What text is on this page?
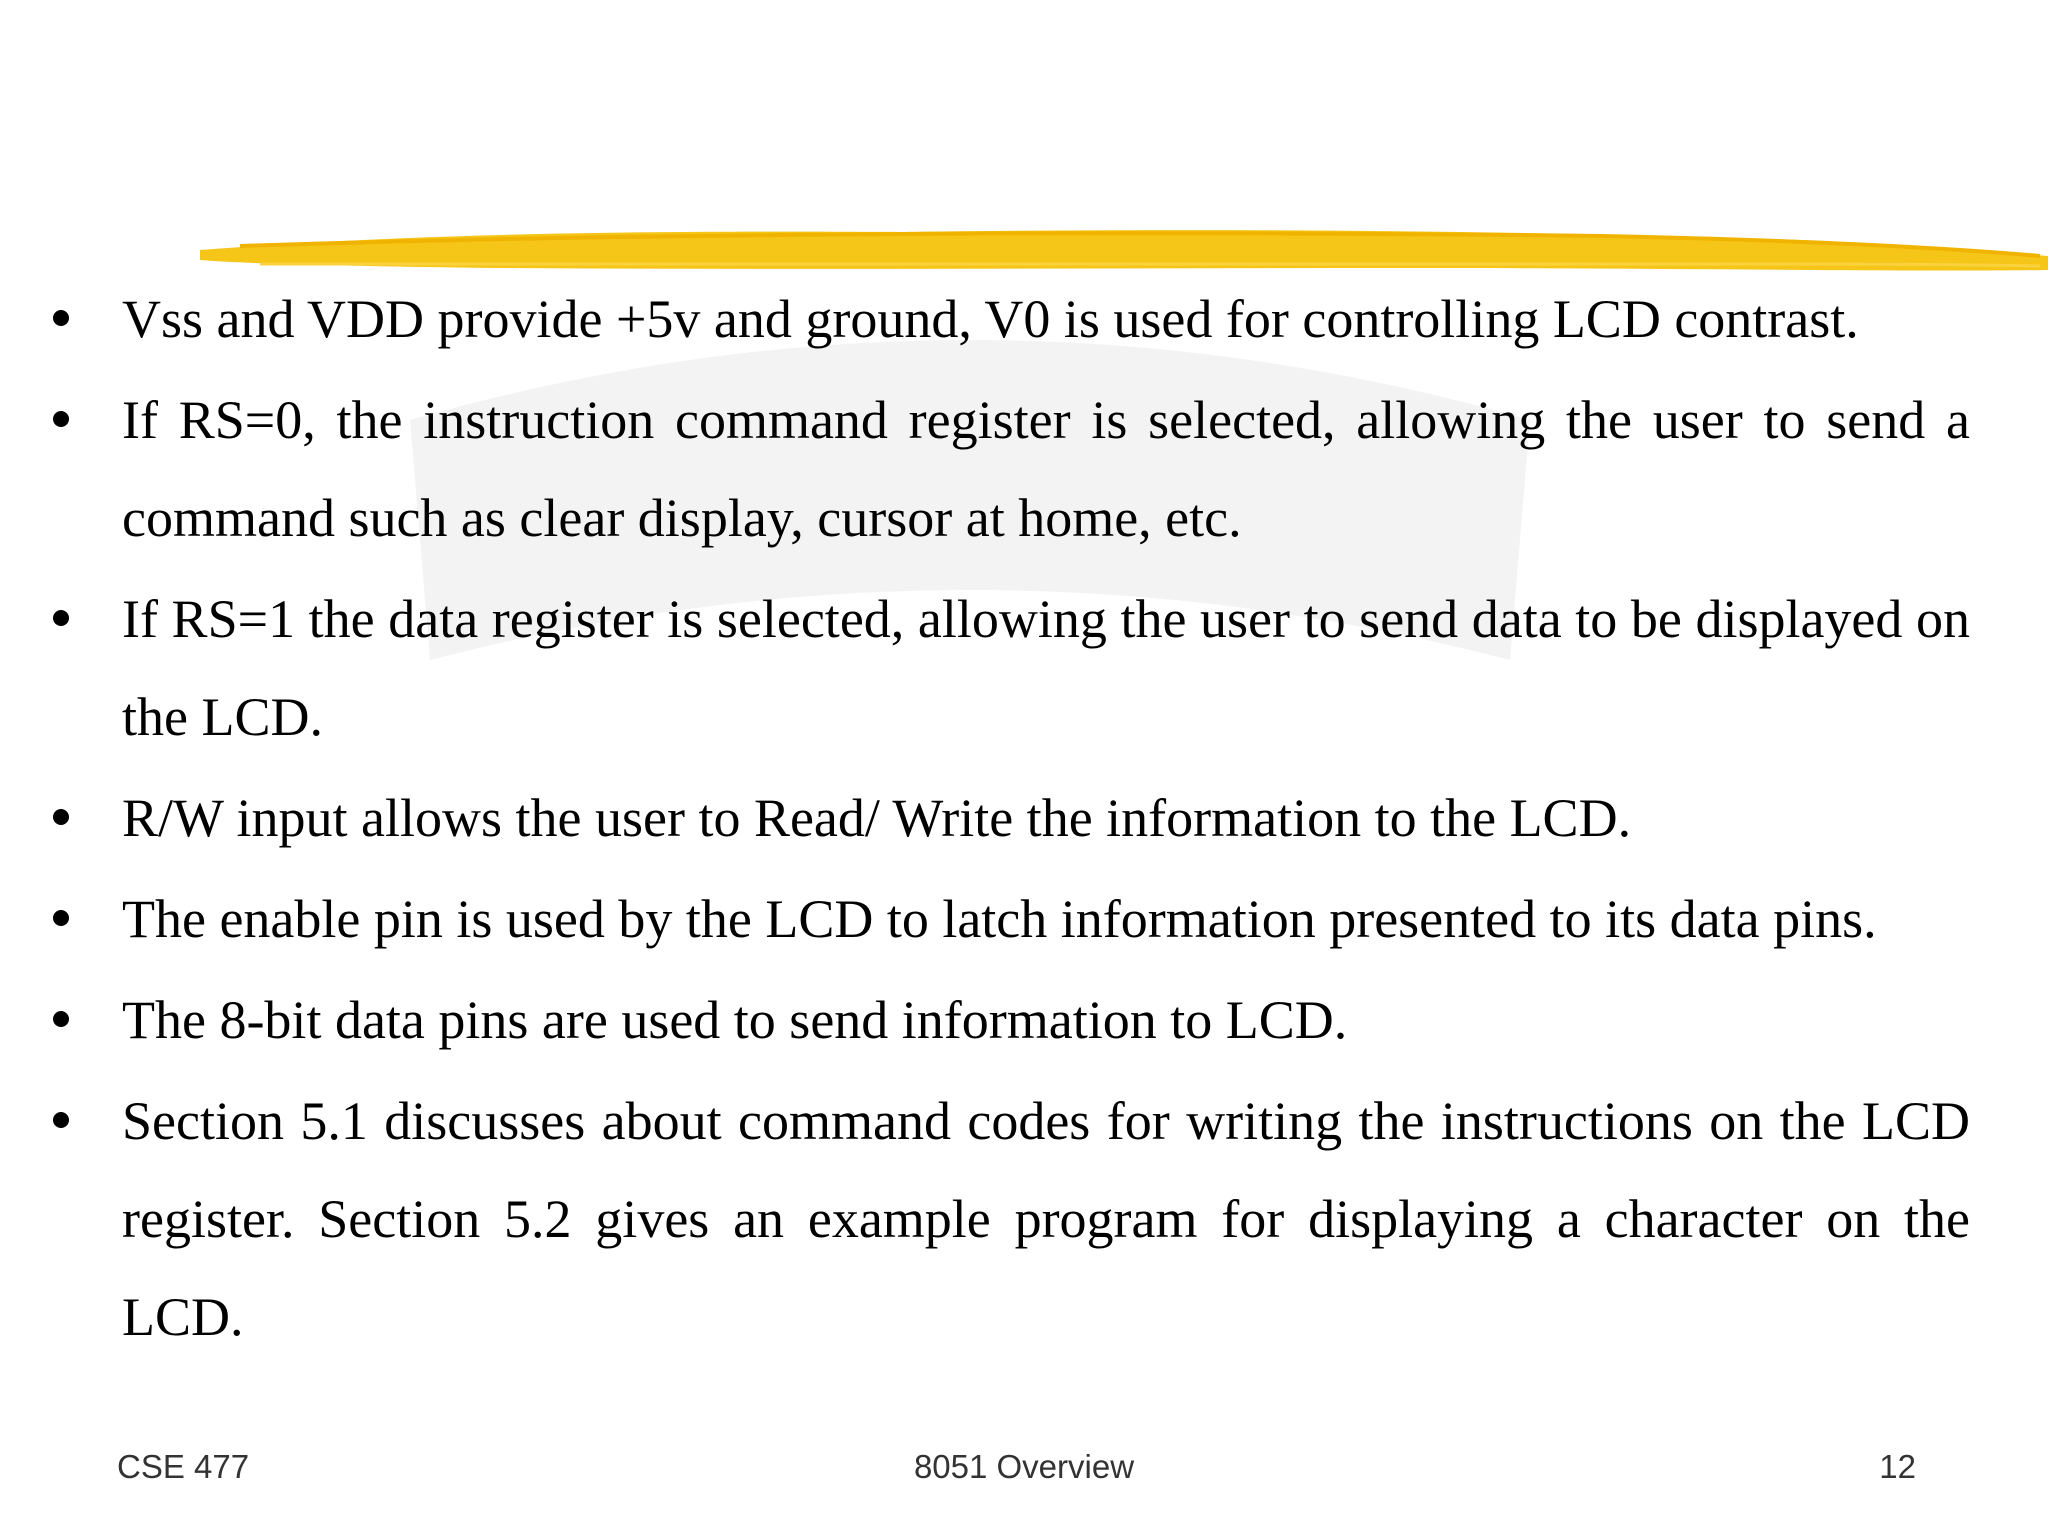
Vss and VDD provide +5v and ground, V0 is used for controlling LCD contrast.
If RS=0, the instruction command register is selected, allowing the user to send a command such as clear display, cursor at home, etc.
If RS=1 the data register is selected, allowing the user to send data to be displayed on the LCD.
R/W input allows the user to Read/ Write the information to the LCD.
The enable pin is used by the LCD to latch information presented to its data pins.
The 8-bit data pins are used to send information to LCD.
Section 5.1 discusses about command codes for writing the instructions on the LCD register. Section 5.2 gives an example program for displaying a character on the LCD.
CSE 477	8051 Overview	12
